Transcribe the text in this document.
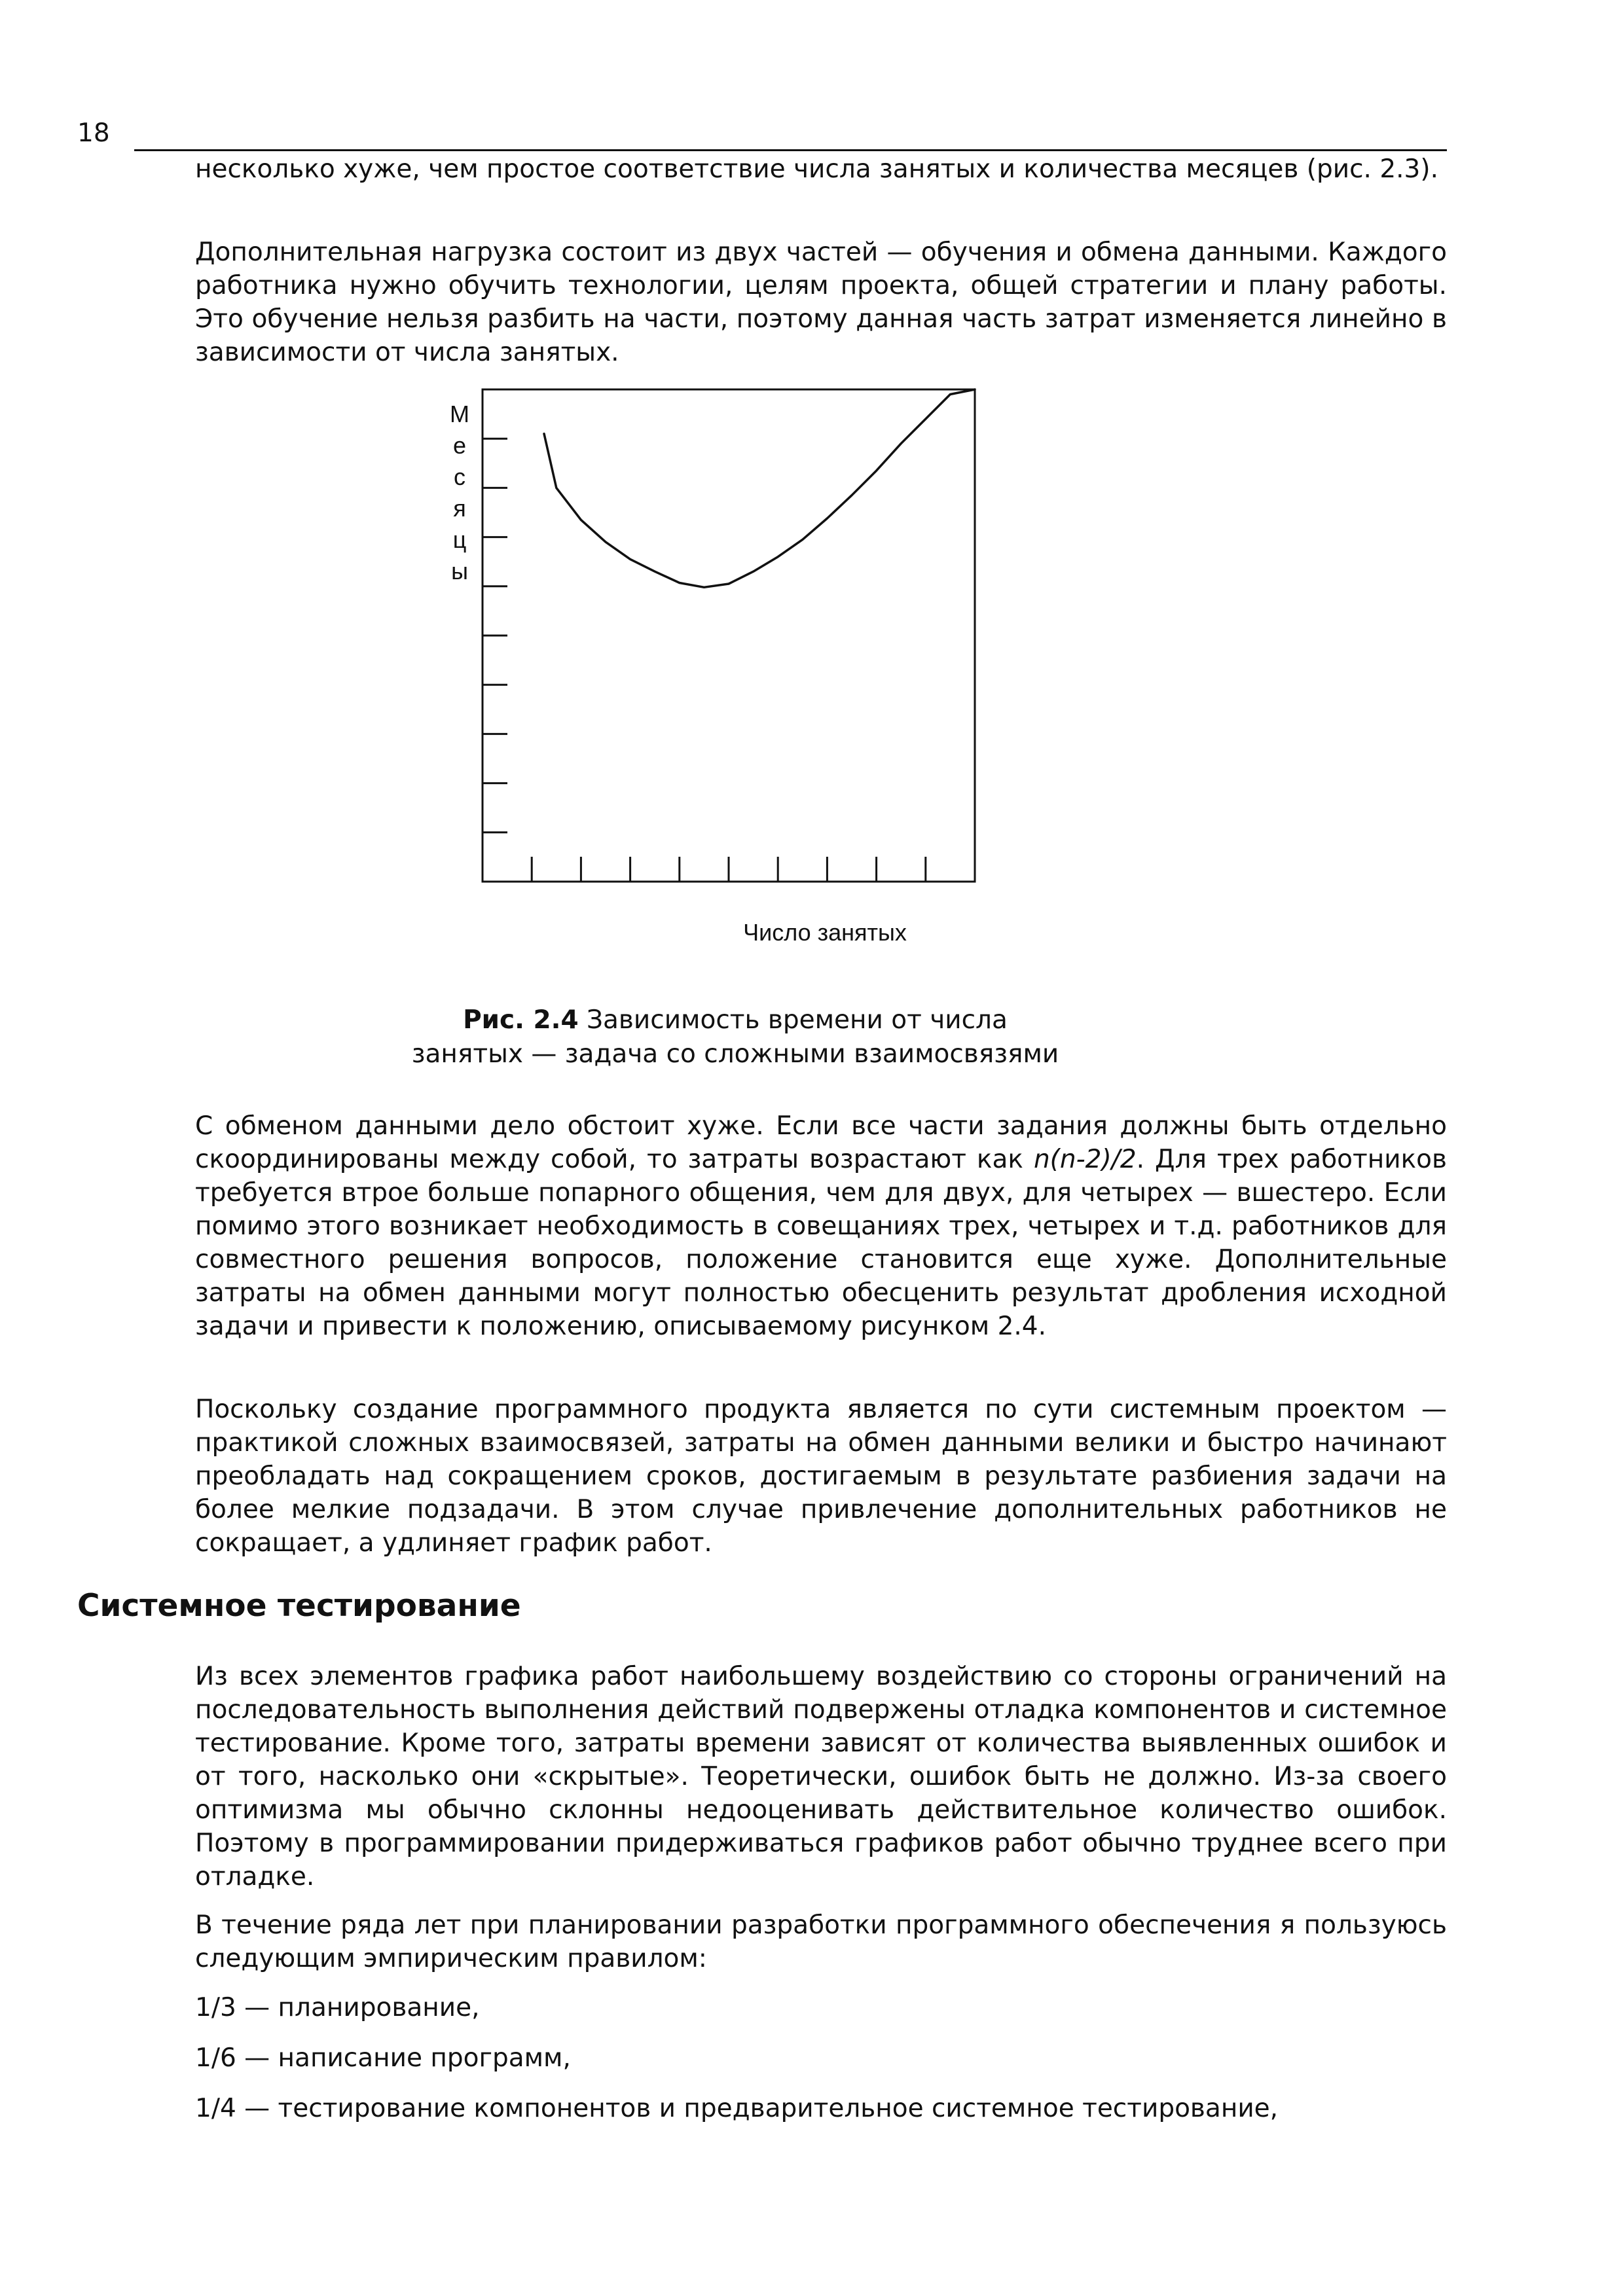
18

несколько хуже, чем простое соответствие числа занятых и количества месяцев (рис. 2.3).

Дополнительная нагрузка состоит из двух частей — обучения и обмена данными. Каждого работника нужно обучить технологии, целям проекта, общей стратегии и плану работы. Это обучение нельзя разбить на части, поэтому данная часть затрат изменяется линейно в зависимости от числа занятых.

М
е
с
я
ц
ы
Число занятых

Рис. 2.4 Зависимость времени от числа
занятых — задача со сложными взаимосвязями

С обменом данными дело обстоит хуже. Если все части задания должны быть отдельно скоординированы между собой, то затраты возрастают как n(n-2)/2. Для трех работников требуется втрое больше попарного общения, чем для двух, для четырех — вшестеро. Если помимо этого возникает необходимость в совещаниях трех, четырех и т.д. работников для совместного решения вопросов, положение становится еще хуже. Дополнительные затраты на обмен данными могут полностью обесценить результат дробления исходной задачи и привести к положению, описываемому рисунком 2.4.

Поскольку создание программного продукта является по сути системным проектом — практикой сложных взаимосвязей, затраты на обмен данными велики и быстро начинают преобладать над сокращением сроков, достигаемым в результате разбиения задачи на более мелкие подзадачи. В этом случае привлечение дополнительных работников не сокращает, а удлиняет график работ.

Системное тестирование

Из всех элементов графика работ наибольшему воздействию со стороны ограничений на последовательность выполнения действий подвержены отладка компонентов и системное тестирование. Кроме того, затраты времени зависят от количества выявленных ошибок и от того, насколько они «скрытые». Теоретически, ошибок быть не должно. Из-за своего оптимизма мы обычно склонны недооценивать действительное количество ошибок. Поэтому в программировании придерживаться графиков работ обычно труднее всего при отладке.

В течение ряда лет при планировании разработки программного обеспечения я пользуюсь следующим эмпирическим правилом:

1/3 — планирование,

1/6 — написание программ,

1/4 — тестирование компонентов и предварительное системное тестирование,
